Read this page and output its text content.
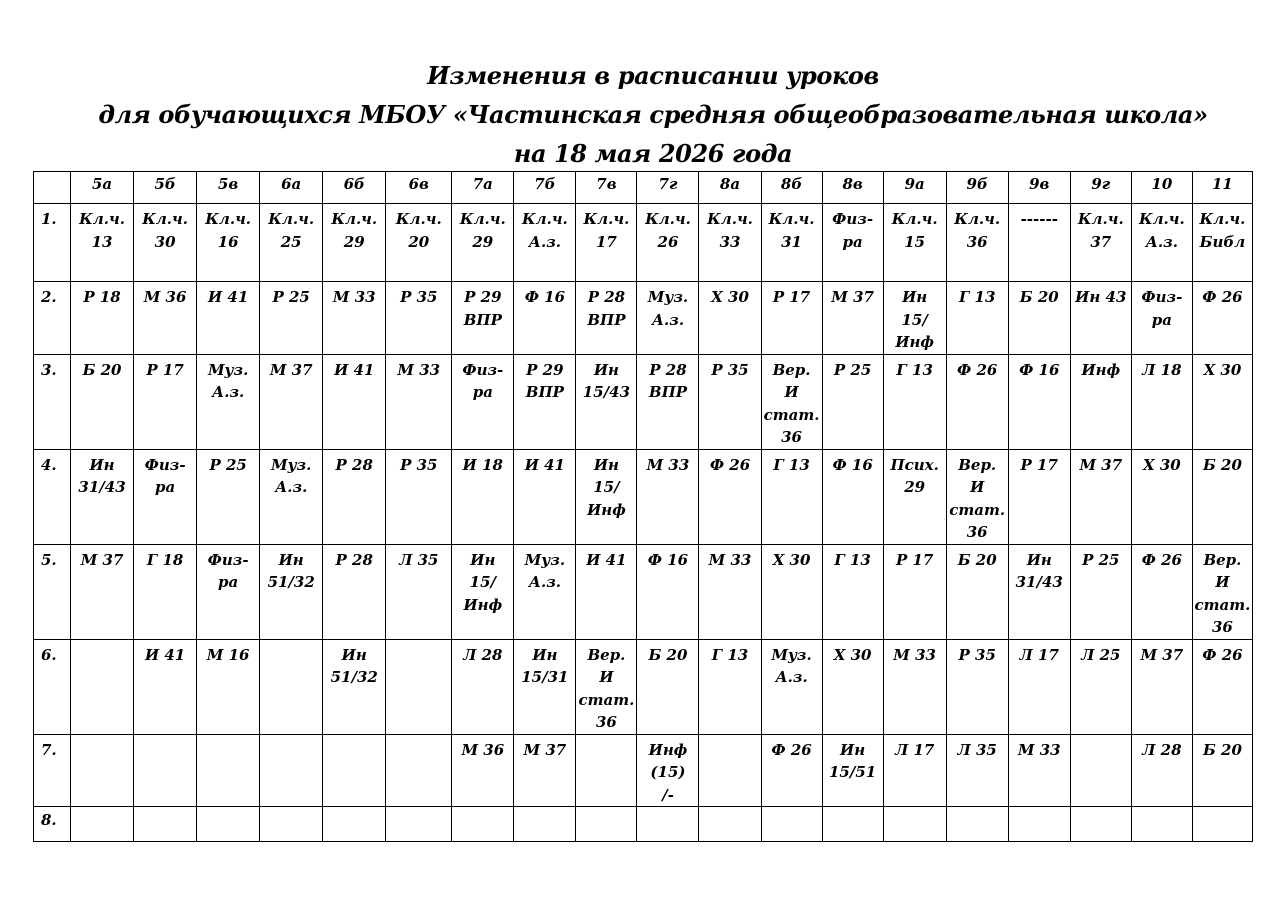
Изменения в расписании уроков
для обучающихся МБОУ «Частинская средняя общеобразовательная школа»
на 18 мая 2026 года
	5а	5б	5в	6а	6б	6в	7а	7б	7в	7г	8а	8б	8в	9а	9б	9в	9г	10	11
1.	Кл.ч.
13	Кл.ч.
30	Кл.ч.
16	Кл.ч.
25	Кл.ч.
29	Кл.ч.
20	Кл.ч.
29	Кл.ч.
А.з.	Кл.ч.
17	Кл.ч.
26	Кл.ч.
33	Кл.ч.
31	Физ-
ра	Кл.ч.
15	Кл.ч.
36	------	Кл.ч.
37	Кл.ч.
А.з.	Кл.ч.
Библ
2.	Р 18	М 36	И 41	Р 25	М 33	Р 35	Р 29
ВПР	Ф 16	Р 28
ВПР	Муз.
А.з.	Х 30	Р 17	М 37	Ин
15/
Инф	Г 13	Б 20	Ин 43	Физ-
ра	Ф 26
3.	Б 20	Р 17	Муз.
А.з.	М 37	И 41	М 33	Физ-
ра	Р 29
ВПР	Ин
15/43	Р 28
ВПР	Р 35	Вер.
И
стат.
36	Р 25	Г 13	Ф 26	Ф 16	Инф	Л 18	Х 30
4.	Ин
31/43	Физ-
ра	Р 25	Муз.
А.з.	Р 28	Р 35	И 18	И 41	Ин
15/
Инф	М 33	Ф 26	Г 13	Ф 16	Псих.
29	Вер.
И
стат.
36	Р 17	М 37	Х 30	Б 20
5.	М 37	Г 18	Физ-
ра	Ин
51/32	Р 28	Л 35	Ин
15/
Инф	Муз.
А.з.	И 41	Ф 16	М 33	Х 30	Г 13	Р 17	Б 20	Ин
31/43	Р 25	Ф 26	Вер.
И
стат.
36
6.		И 41	М 16		Ин
51/32		Л 28	Ин
15/31	Вер.
И
стат.
36	Б 20	Г 13	Муз.
А.з.	Х 30	М 33	Р 35	Л 17	Л 25	М 37	Ф 26
7.							М 36	М 37		Инф
(15)
/-		Ф 26	Ин
15/51	Л 17	Л 35	М 33		Л 28	Б 20
8.																			
